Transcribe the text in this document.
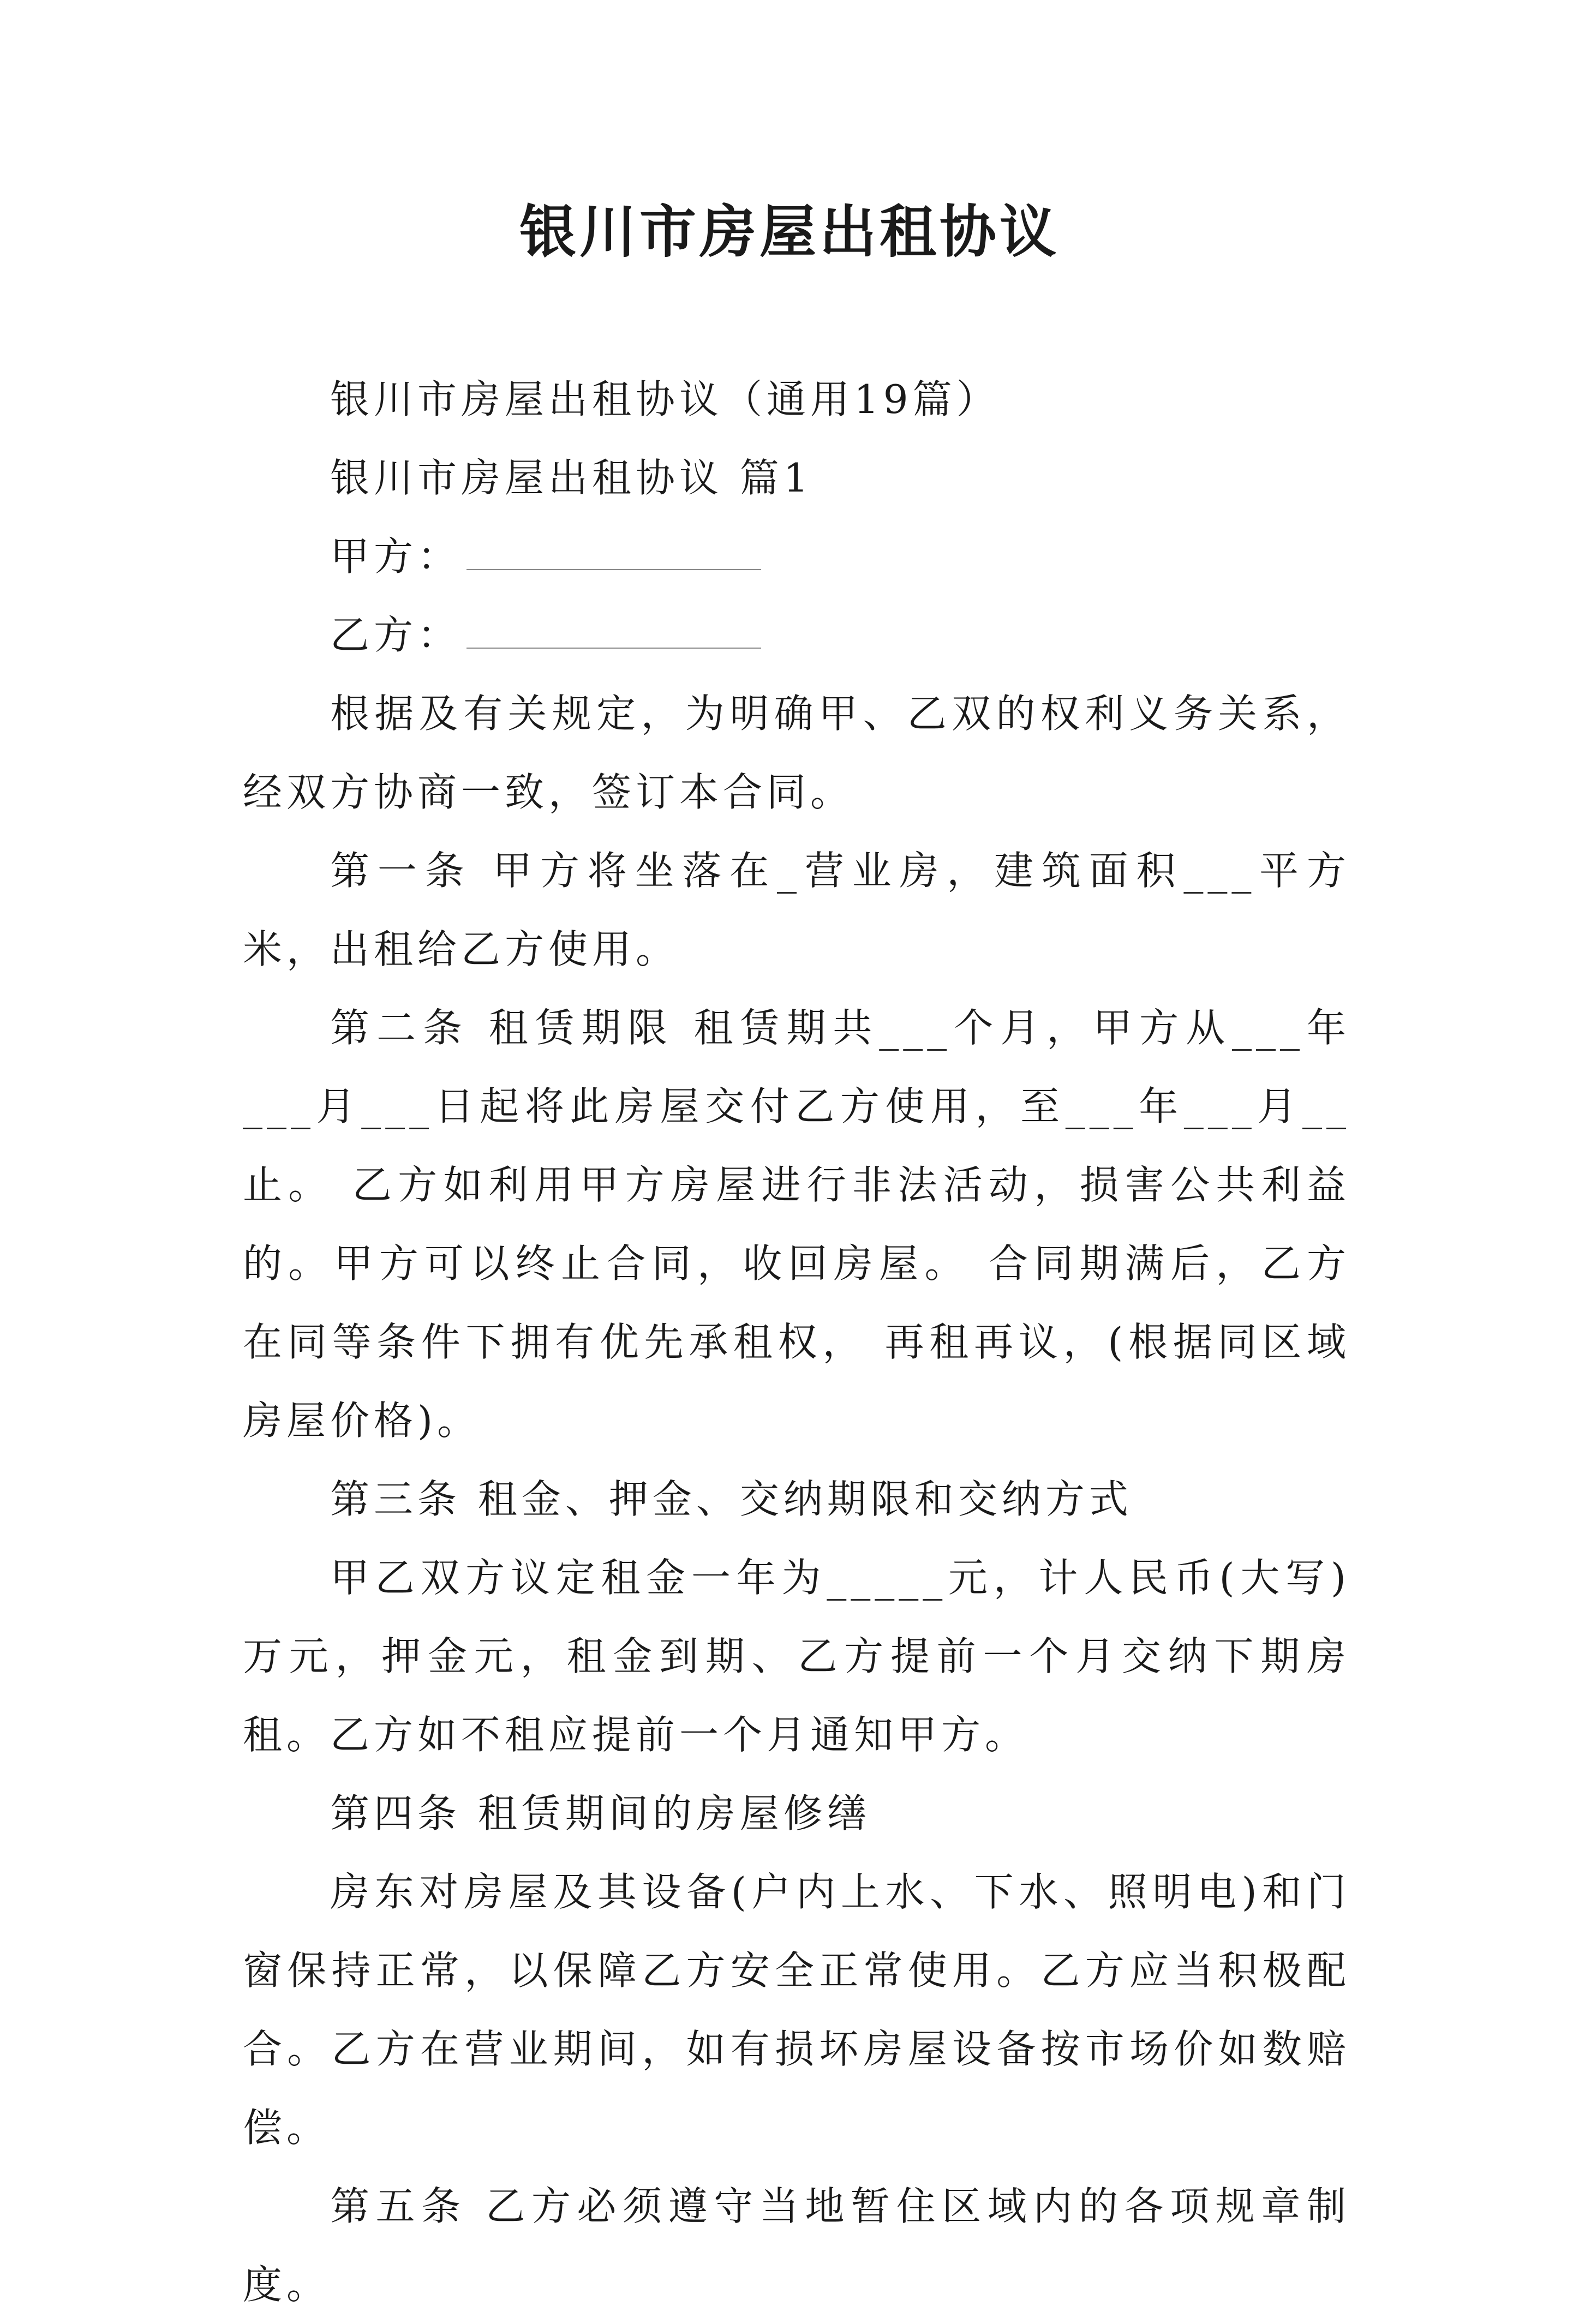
银川市房屋出租协议

银川市房屋出租协议（通用19篇）

银川市房屋出租协议 篇1

甲方：

乙方：

根据及有关规定，为明确甲、乙双的权利义务关系，经双方协商一致，签订本合同。

第一条 甲方将坐落在_营业房，建筑面积___平方米，出租给乙方使用。

第二条 租赁期限 租赁期共___个月，甲方从___年___月___日起将此房屋交付乙方使用，至___年___月__止。 乙方如利用甲方房屋进行非法活动，损害公共利益的。甲方可以终止合同，收回房屋。 合同期满后，乙方在同等条件下拥有优先承租权， 再租再议，(根据同区域房屋价格)。

第三条 租金、押金、交纳期限和交纳方式

甲乙双方议定租金一年为_____元，计人民币(大写)万元，押金元，租金到期、乙方提前一个月交纳下期房租。乙方如不租应提前一个月通知甲方。

第四条 租赁期间的房屋修缮

房东对房屋及其设备(户内上水、下水、照明电)和门窗保持正常，以保障乙方安全正常使用。乙方应当积极配合。乙方在营业期间，如有损坏房屋设备按市场价如数赔偿。

第五条 乙方必须遵守当地暂住区域内的各项规章制度。
